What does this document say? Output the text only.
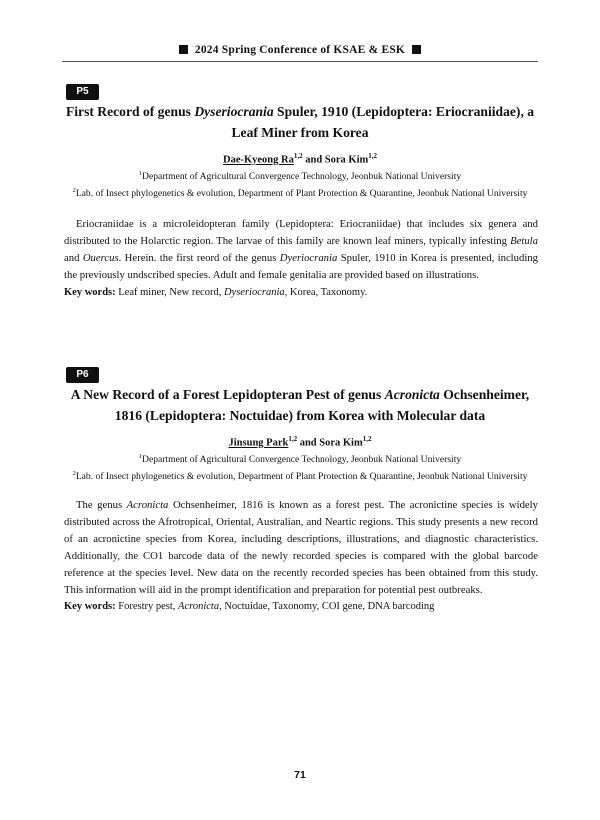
2024 Spring Conference of KSAE & ESK
P5
First Record of genus Dyseriocrania Spuler, 1910 (Lepidoptera: Eriocraniidae), a Leaf Miner from Korea
Dae-Kyeong Ra$^{1,2}$ and Sora Kim$^{1,2}$
$^1$Department of Agricultural Convergence Technology, Jeonbuk National University
$^2$Lab. of Insect phylogenetics & evolution, Department of Plant Protection & Quarantine, Jeonbuk National University

Eriocraniidae is a microleidopteran family (Lepidoptera: Eriocraniidae) that includes six genera and distributed to the Holarctic region. The larvae of this family are known leaf miners, typically infesting Betula and Ouercus. Herein. the first reord of the genus Dyeriocrania Spuler, 1910 in Korea is presented, including the previously undscribed species. Adult and female genitalia are provided based on illustrations.

Key words: Leaf miner, New record, Dyseriocrania, Korea, Taxonomy.
P6
A New Record of a Forest Lepidopteran Pest of genus Acronicta Ochsenheimer, 1816 (Lepidoptera: Noctuidae) from Korea with Molecular data
Jinsung Park$^{1,2}$ and Sora Kim$^{1,2}$
$^1$Department of Agricultural Convergence Technology, Jeonbuk National University
$^2$Lab. of Insect phylogenetics & evolution, Department of Plant Protection & Quarantine, Jeonbuk National University

The genus Acronicta Ochsenheimer, 1816 is known as a forest pest. The acronictine species is widely distributed across the Afrotropical, Oriental, Australian, and Neartic regions. This study presents a new record of an acronictine species from Korea, including descriptions, illustrations, and diagnostic characteristics. Additionally, the CO1 barcode data of the newly recorded species is compared with the global barcode reference at the species level. New data on the recently recorded species has been obtained from this study. This information will aid in the prompt identification and preparation for potential pest outbreaks.

Key words: Forestry pest, Acronicta, Noctuidae, Taxonomy, COI gene, DNA barcoding
71
